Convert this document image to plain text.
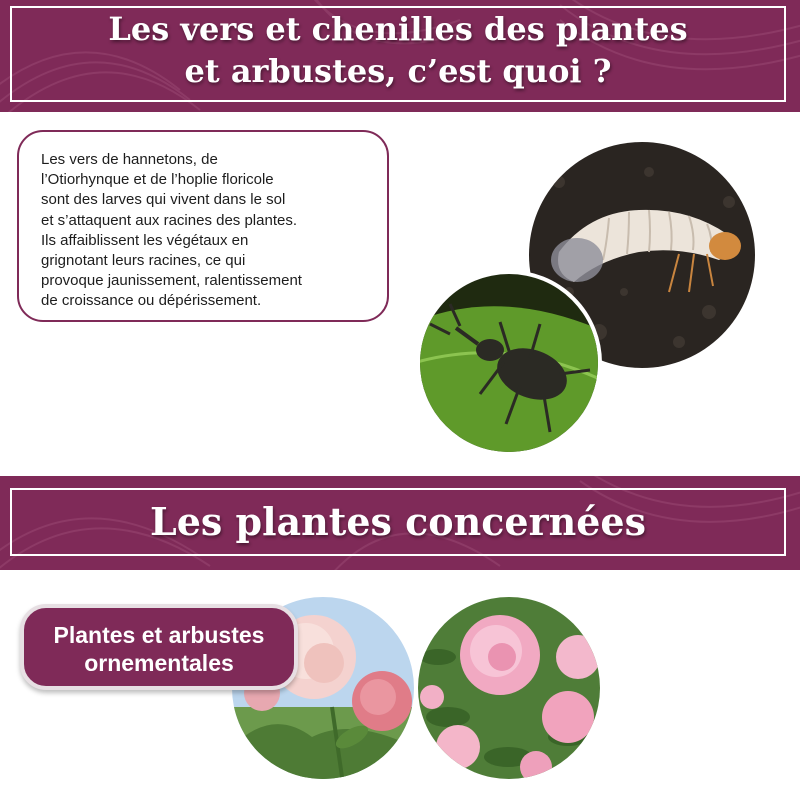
Les vers et chenilles des plantes
et arbustes, c’est quoi ?
Les vers de hannetons, de
l’Otiorhynque et de l’hoplie floricole
sont des larves qui vivent dans le sol
et s’attaquent aux racines des plantes.
Ils affaiblissent les végétaux en
grignotant leurs racines, ce qui
provoque jaunissement, ralentissement
de croissance ou dépérissement.
Les plantes concernées
Plantes et arbustes
ornementales
